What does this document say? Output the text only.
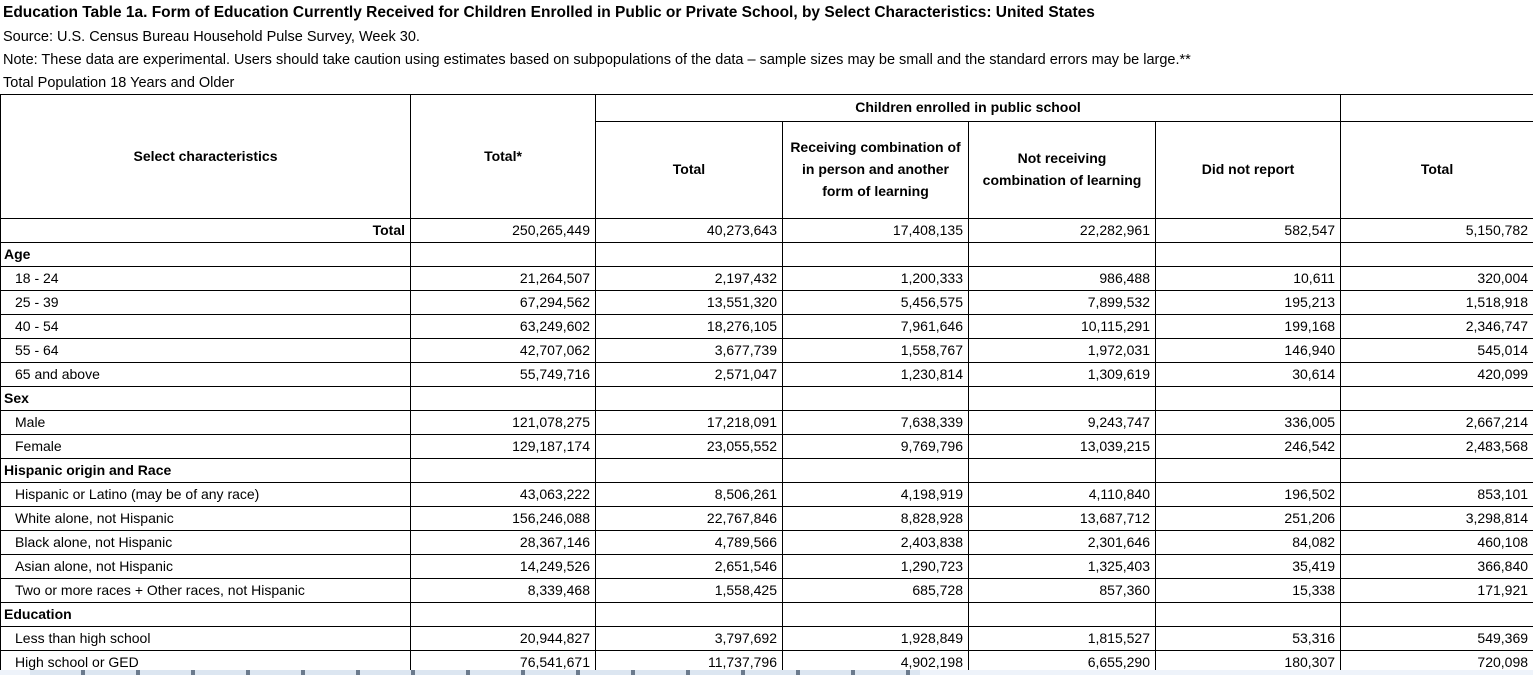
Education Table 1a. Form of Education Currently Received for Children Enrolled in Public or Private School, by Select Characteristics: United States
Source: U.S. Census Bureau Household Pulse Survey, Week 30.
Note: These data are experimental. Users should take caution using estimates based on subpopulations of the data – sample sizes may be small and the standard errors may be large.**
Total Population 18 Years and Older
Select characteristics	Total*	Children enrolled in public school				
		Total	Receiving combination of in person and another form of learning	Not receiving combination of learning	Did not report	Total
Total	250,265,449	40,273,643	17,408,135	22,282,961	582,547	5,150,782
Age						
18 - 24	21,264,507	2,197,432	1,200,333	986,488	10,611	320,004
25 - 39	67,294,562	13,551,320	5,456,575	7,899,532	195,213	1,518,918
40 - 54	63,249,602	18,276,105	7,961,646	10,115,291	199,168	2,346,747
55 - 64	42,707,062	3,677,739	1,558,767	1,972,031	146,940	545,014
65 and above	55,749,716	2,571,047	1,230,814	1,309,619	30,614	420,099
Sex						
Male	121,078,275	17,218,091	7,638,339	9,243,747	336,005	2,667,214
Female	129,187,174	23,055,552	9,769,796	13,039,215	246,542	2,483,568
Hispanic origin and Race						
Hispanic or Latino (may be of any race)	43,063,222	8,506,261	4,198,919	4,110,840	196,502	853,101
White alone, not Hispanic	156,246,088	22,767,846	8,828,928	13,687,712	251,206	3,298,814
Black alone, not Hispanic	28,367,146	4,789,566	2,403,838	2,301,646	84,082	460,108
Asian alone, not Hispanic	14,249,526	2,651,546	1,290,723	1,325,403	35,419	366,840
Two or more races + Other races, not Hispanic	8,339,468	1,558,425	685,728	857,360	15,338	171,921
Education						
Less than high school	20,944,827	3,797,692	1,928,849	1,815,527	53,316	549,369
High school or GED	76,541,671	11,737,796	4,902,198	6,655,290	180,307	720,098
